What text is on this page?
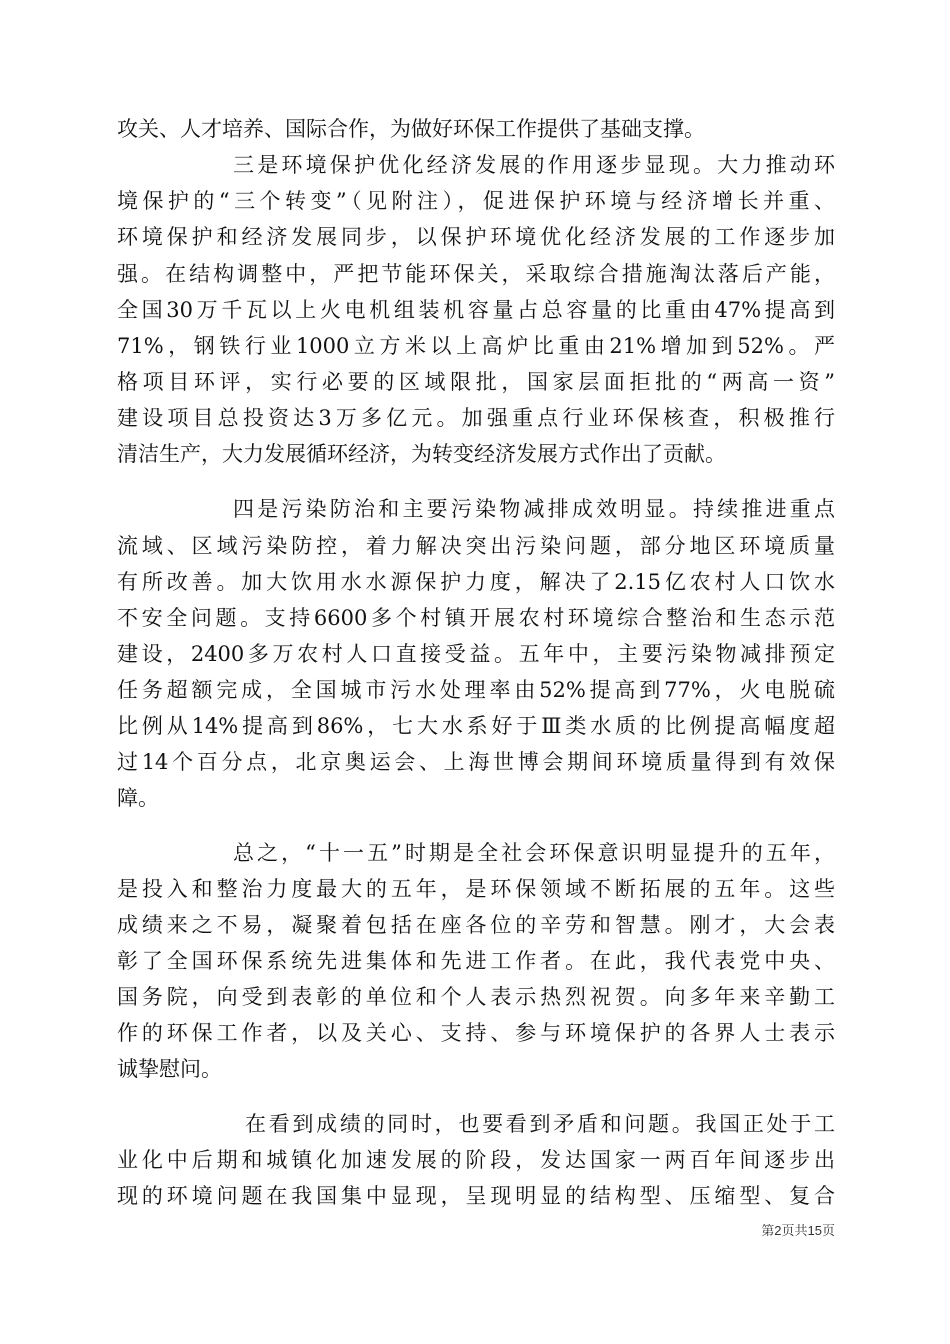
攻关、人才培养、国际合作，为做好环保工作提供了基础支撑。
三是环境保护优化经济发展的作用逐步显现。大力推动环
境保护的“三个转变”（见附注），促进保护环境与经济增长并重、
环境保护和经济发展同步，以保护环境优化经济发展的工作逐步加
强。在结构调整中，严把节能环保关，采取综合措施淘汰落后产能，
全国30万千瓦以上火电机组装机容量占总容量的比重由47%提高到
71%，钢铁行业1000立方米以上高炉比重由21%增加到52%。严
格项目环评，实行必要的区域限批，国家层面拒批的“两高一资”
建设项目总投资达3万多亿元。加强重点行业环保核查，积极推行
清洁生产，大力发展循环经济，为转变经济发展方式作出了贡献。
四是污染防治和主要污染物减排成效明显。持续推进重点
流域、区域污染防控，着力解决突出污染问题，部分地区环境质量
有所改善。加大饮用水水源保护力度，解决了2.15亿农村人口饮水
不安全问题。支持6600多个村镇开展农村环境综合整治和生态示范
建设，2400多万农村人口直接受益。五年中，主要污染物减排预定
任务超额完成，全国城市污水处理率由52%提高到77%，火电脱硫
比例从14%提高到86%，七大水系好于Ⅲ类水质的比例提高幅度超
过14个百分点，北京奥运会、上海世博会期间环境质量得到有效保
障。
总之，“十一五”时期是全社会环保意识明显提升的五年，
是投入和整治力度最大的五年，是环保领域不断拓展的五年。这些
成绩来之不易，凝聚着包括在座各位的辛劳和智慧。刚才，大会表
彰了全国环保系统先进集体和先进工作者。在此，我代表党中央、
国务院，向受到表彰的单位和个人表示热烈祝贺。向多年来辛勤工
作的环保工作者，以及关心、支持、参与环境保护的各界人士表示
诚挚慰问。
在看到成绩的同时，也要看到矛盾和问题。我国正处于工
业化中后期和城镇化加速发展的阶段，发达国家一两百年间逐步出
现的环境问题在我国集中显现，呈现明显的结构型、压缩型、复合
第2页共15页
